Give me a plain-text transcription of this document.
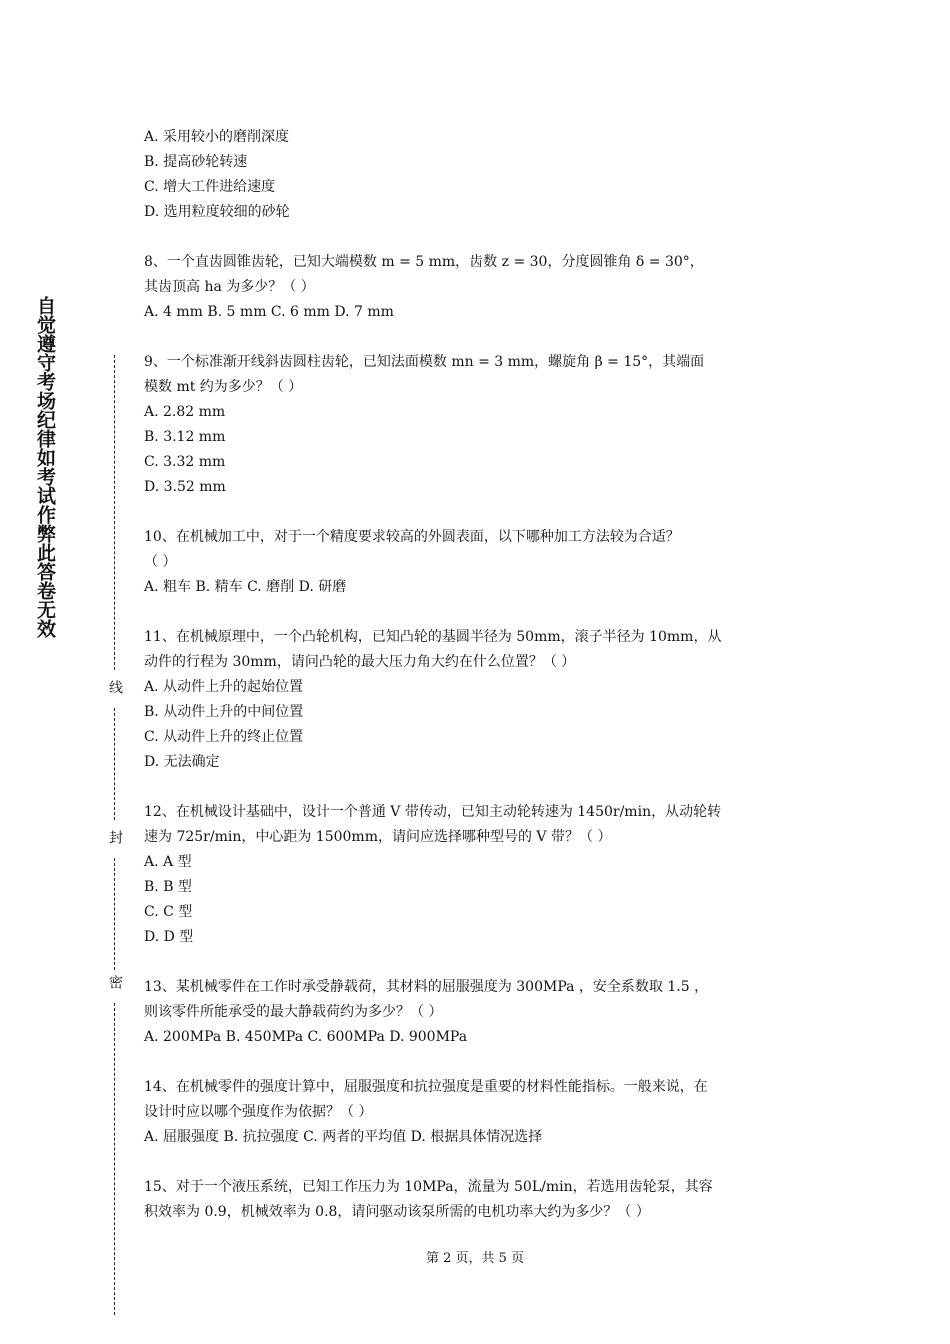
自觉遵守考场纪律如考试作弊此答卷无效
线
封
密
A. 采用较小的磨削深度
B. 提高砂轮转速
C. 增大工件进给速度
D. 选用粒度较细的砂轮
8、一个直齿圆锥齿轮，已知大端模数 m = 5 mm，齿数 z = 30，分度圆锥角 δ = 30°，
其齿顶高 ha 为多少？（ ）
A. 4 mm B. 5 mm C. 6 mm D. 7 mm
9、一个标准渐开线斜齿圆柱齿轮，已知法面模数 mn = 3 mm，螺旋角 β = 15°，其端面
模数 mt 约为多少？（ ）
A. 2.82 mm
B. 3.12 mm
C. 3.32 mm
D. 3.52 mm
10、在机械加工中，对于一个精度要求较高的外圆表面，以下哪种加工方法较为合适？
（ ）
A. 粗车 B. 精车 C. 磨削 D. 研磨
11、在机械原理中，一个凸轮机构，已知凸轮的基圆半径为 50mm，滚子半径为 10mm，从
动件的行程为 30mm，请问凸轮的最大压力角大约在什么位置？（ ）
A. 从动件上升的起始位置
B. 从动件上升的中间位置
C. 从动件上升的终止位置
D. 无法确定
12、在机械设计基础中，设计一个普通 V 带传动，已知主动轮转速为 1450r/min，从动轮转
速为 725r/min，中心距为 1500mm，请问应选择哪种型号的 V 带？（ ）
A. A 型
B. B 型
C. C 型
D. D 型
13、某机械零件在工作时承受静载荷，其材料的屈服强度为 300MPa ，安全系数取 1.5 ，
则该零件所能承受的最大静载荷约为多少？（ ）
A. 200MPa B. 450MPa C. 600MPa D. 900MPa
14、在机械零件的强度计算中，屈服强度和抗拉强度是重要的材料性能指标。一般来说，在
设计时应以哪个强度作为依据？（ ）
A. 屈服强度 B. 抗拉强度 C. 两者的平均值 D. 根据具体情况选择
15、对于一个液压系统，已知工作压力为 10MPa，流量为 50L/min，若选用齿轮泵，其容
积效率为 0.9，机械效率为 0.8，请问驱动该泵所需的电机功率大约为多少？（ ）
第 2 页，共 5 页
